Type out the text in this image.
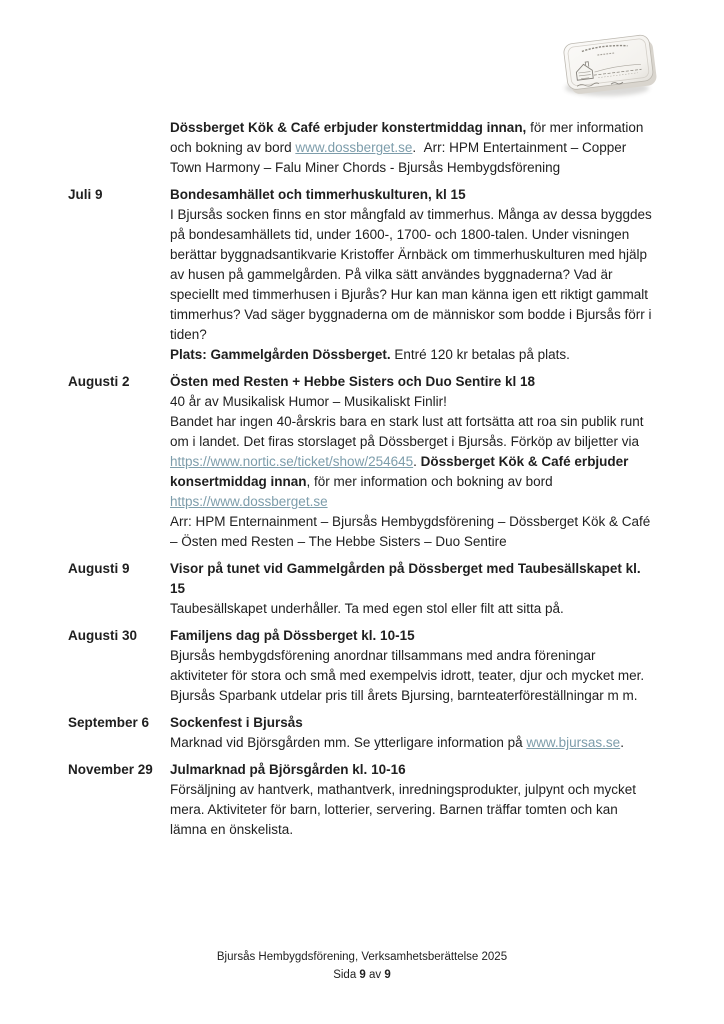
Dössberget Kök & Café erbjuder konstertmiddag innan, för mer information och bokning av bord www.dossberget.se.  Arr: HPM Entertainment – Copper Town Harmony – Falu Miner Chords - Bjursås Hembygdsförening

Juli 9	Bondesamhället och timmerhuskulturen, kl 15

I Bjursås socken finns en stor mångfald av timmerhus. Många av dessa byggdes på bondesamhällets tid, under 1600-, 1700- och 1800-talen. Under visningen berättar byggnadsantikvarie Kristoffer Ärnbäck om timmerhuskulturen med hjälp av husen på gammelgården. På vilka sätt användes byggnaderna? Vad är speciellt med timmerhusen i Bjurås? Hur kan man känna igen ett riktigt gammalt timmerhus? Vad säger byggnaderna om de människor som bodde i Bjursås förr i tiden?
Plats: Gammelgården Dössberget. Entré 120 kr betalas på plats.

Augusti 2	Östen med Resten + Hebbe Sisters och Duo Sentire kl 18

40 år av Musikalisk Humor – Musikaliskt Finlir!
Bandet har ingen 40-årskris bara en stark lust att fortsätta att roa sin publik runt om i landet. Det firas storslaget på Dössberget i Bjursås. Förköp av biljetter via https://www.nortic.se/ticket/show/254645. Dössberget Kök & Café erbjuder konsertmiddag innan, för mer information och bokning av bord https://www.dossberget.se
Arr: HPM Enternainment – Bjursås Hembygdsförening – Dössberget Kök & Café – Östen med Resten – The Hebbe Sisters – Duo Sentire

Augusti 9	Visor på tunet vid Gammelgården på Dössberget med Taubesällskapet kl. 15

Taubesällskapet underhåller. Ta med egen stol eller filt att sitta på.

Augusti 30	Familjens dag på Dössberget kl. 10-15

Bjursås hembygdsförening anordnar tillsammans med andra föreningar aktiviteter för stora och små med exempelvis idrott, teater, djur och mycket mer. Bjursås Sparbank utdelar pris till årets Bjursing, barnteaterföreställningar m m.

September 6	Sockenfest i Bjursås

Marknad vid Björsgården mm. Se ytterligare information på www.bjursas.se.

November 29	Julmarknad på Björsgården kl. 10-16

Försäljning av hantverk, mathantverk, inredningsprodukter, julpynt och mycket mera. Aktiviteter för barn, lotterier, servering. Barnen träffar tomten och kan lämna en önskelista.

Bjursås Hembygdsförening, Verksamhetsberättelse 2025
Sida 9 av 9
